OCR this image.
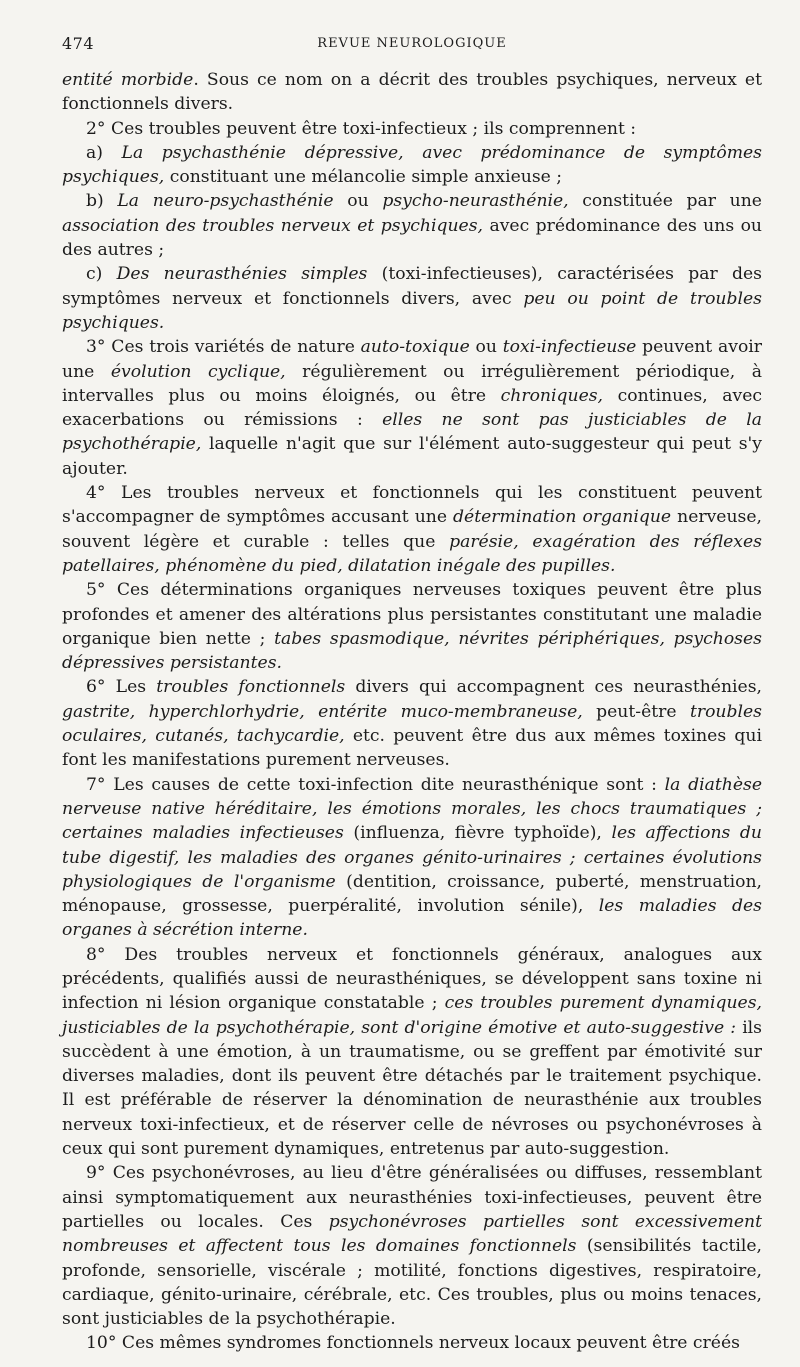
474	REVUE NEUROLOGIQUE

entité morbide. Sous ce nom on a décrit des troubles psychiques, nerveux et fonctionnels divers.

2° Ces troubles peuvent être toxi-infectieux ; ils comprennent :

a) La psychasthénie dépressive, avec prédominance de symptômes psychiques, constituant une mélancolie simple anxieuse ;

b) La neuro-psychasthénie ou psycho-neurasthénie, constituée par une association des troubles nerveux et psychiques, avec prédominance des uns ou des autres ;

c) Des neurasthénies simples (toxi-infectieuses), caractérisées par des symptômes nerveux et fonctionnels divers, avec peu ou point de troubles psychiques.

3° Ces trois variétés de nature auto-toxique ou toxi-infectieuse peuvent avoir une évolution cyclique, régulièrement ou irrégulièrement périodique, à intervalles plus ou moins éloignés, ou être chroniques, continues, avec exacerbations ou rémissions : elles ne sont pas justiciables de la psychothérapie, laquelle n'agit que sur l'élément auto-suggesteur qui peut s'y ajouter.

4° Les troubles nerveux et fonctionnels qui les constituent peuvent s'accompagner de symptômes accusant une détermination organique nerveuse, souvent légère et curable : telles que parésie, exagération des réflexes patellaires, phénomène du pied, dilatation inégale des pupilles.

5° Ces déterminations organiques nerveuses toxiques peuvent être plus profondes et amener des altérations plus persistantes constitutant une maladie organique bien nette ; tabes spasmodique, névrites périphériques, psychoses dépressives persistantes.

6° Les troubles fonctionnels divers qui accompagnent ces neurasthénies, gastrite, hyperchlorhydrie, entérite muco-membraneuse, peut-être troubles oculaires, cutanés, tachycardie, etc. peuvent être dus aux mêmes toxines qui font les manifestations purement nerveuses.

7° Les causes de cette toxi-infection dite neurasthénique sont : la diathèse nerveuse native héréditaire, les émotions morales, les chocs traumatiques ; certaines maladies infectieuses (influenza, fièvre typhoïde), les affections du tube digestif, les maladies des organes génito-urinaires ; certaines évolutions physiologiques de l'organisme (dentition, croissance, puberté, menstruation, ménopause, grossesse, puerpéralité, involution sénile), les maladies des organes à sécrétion interne.

8° Des troubles nerveux et fonctionnels généraux, analogues aux précédents, qualifiés aussi de neurasthéniques, se développent sans toxine ni infection ni lésion organique constatable ; ces troubles purement dynamiques, justiciables de la psychothérapie, sont d'origine émotive et auto-suggestive : ils succèdent à une émotion, à un traumatisme, ou se greffent par émotivité sur diverses maladies, dont ils peuvent être détachés par le traitement psychique. Il est préférable de réserver la dénomination de neurasthénie aux troubles nerveux toxi-infectieux, et de réserver celle de névroses ou psychonévroses à ceux qui sont purement dynamiques, entretenus par auto-suggestion.

9° Ces psychonévroses, au lieu d'être généralisées ou diffuses, ressemblant ainsi symptomatiquement aux neurasthénies toxi-infectieuses, peuvent être partielles ou locales. Ces psychonévroses partielles sont excessivement nombreuses et affectent tous les domaines fonctionnels (sensibilités tactile, profonde, sensorielle, viscérale ; motilité, fonctions digestives, respiratoire, cardiaque, génito-urinaire, cérébrale, etc. Ces troubles, plus ou moins tenaces, sont justiciables de la psychothérapie.

10° Ces mêmes syndromes fonctionnels nerveux locaux peuvent être créés
